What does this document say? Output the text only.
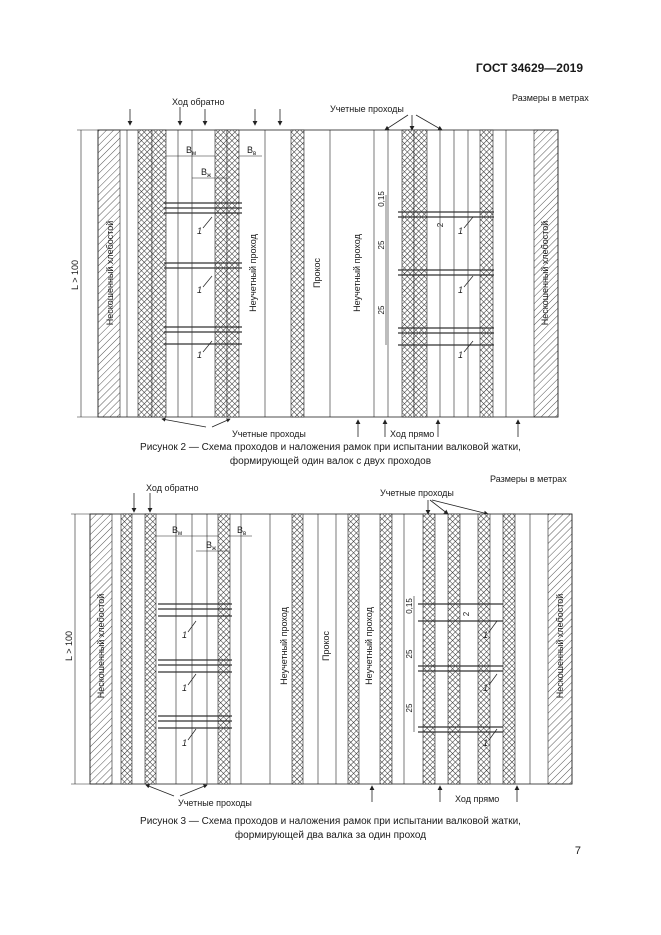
ГОСТ 34629—2019
Размеры в метрах
Ход обратно
Учетные проходы
L > 100	Нескошенный хлебостой	Нескошенный хлебостой
Неучетный проход	Прокос	Неучетный проход
$B_м$	$B_в$
$B_ж$
0,15
25
25
2
1
1
1
1
1
1
Учетные проходы	Ход прямо
Рисунок 2 — Схема проходов и наложения рамок при испытании валковой жатки,
формирующей один валок с двух проходов
Размеры в метрах
Ход обратно	Учетные проходы
L > 100 Нескошенный хлебостой	Нескошенный хлебостой
Неучетный проход	Прокос	Неучетный проход
$B_м$	$B_в$
$B_ж$
0,15
25
25
2
1
1
1
1
1
1
Учетные проходы	Ход прямо
Рисунок 3 — Схема проходов и наложения рамок при испытании валковой жатки,
формирующей два валка за один проход
7
